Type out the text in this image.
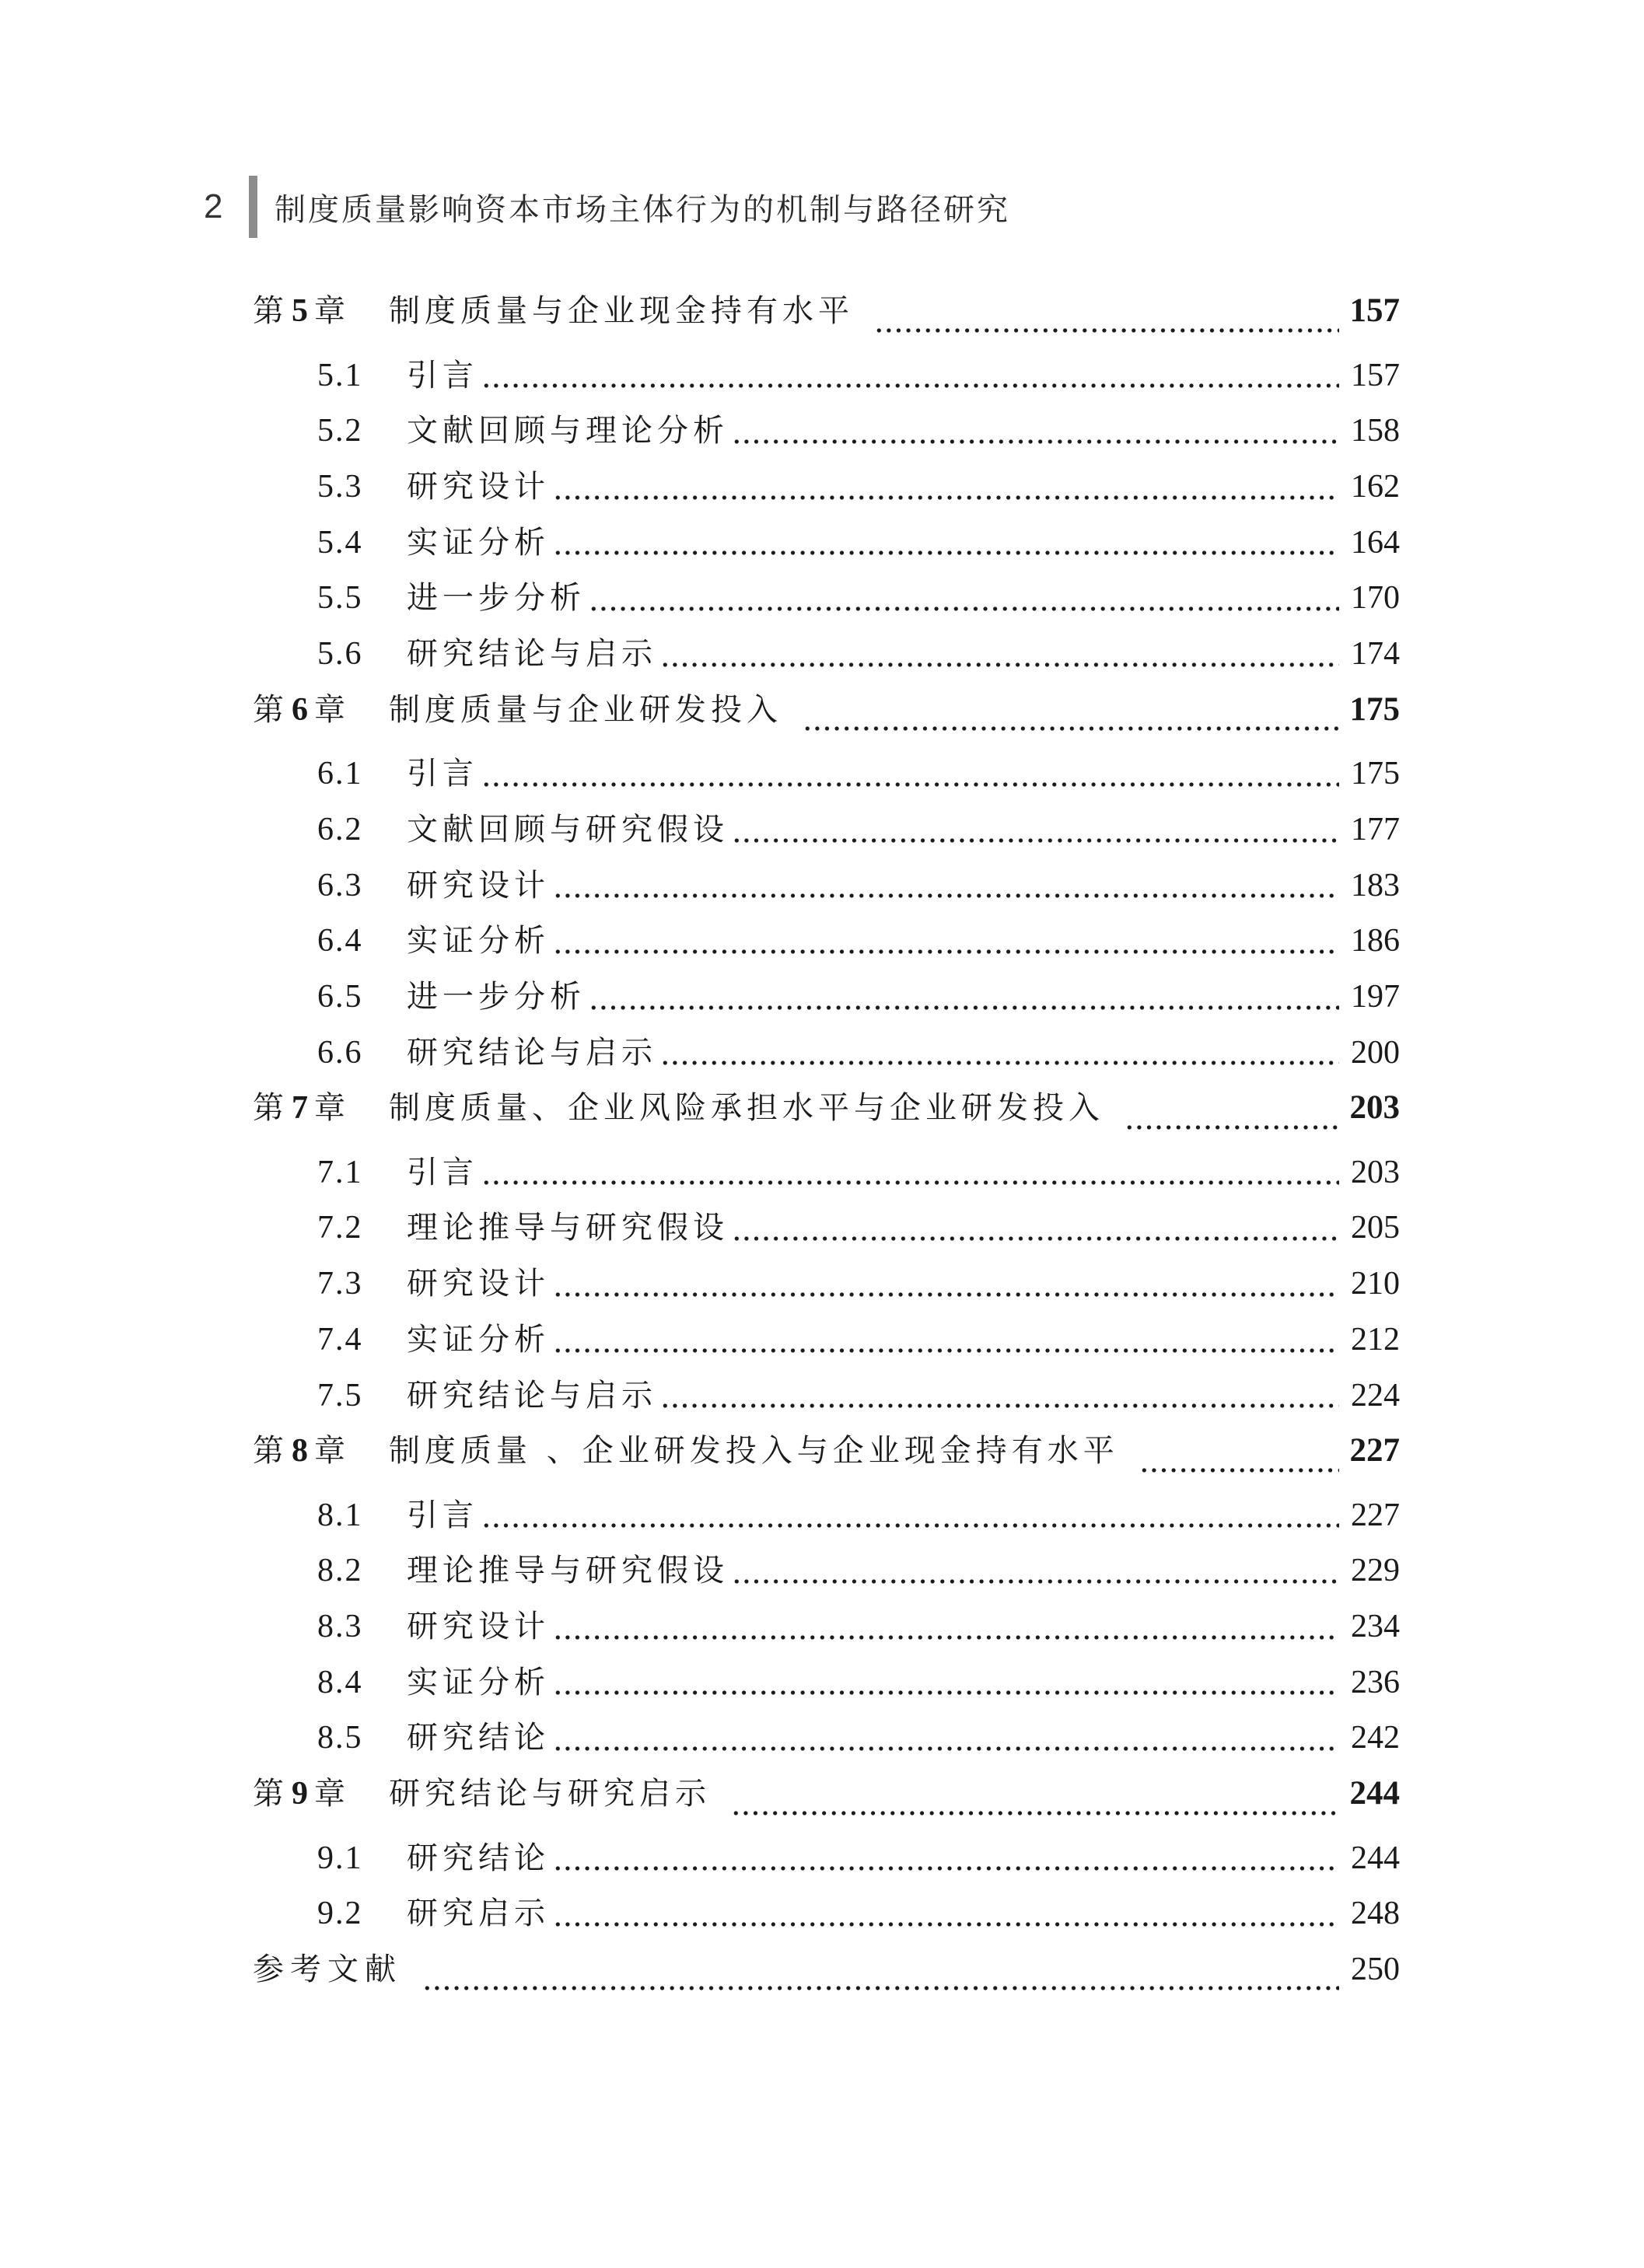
2	制度质量影响资本市场主体行为的机制与路径研究
第5 章	制度质量与企业现金持有水平	157
5.1	引言	157
5.2	文献回顾与理论分析	158
5.3	研究设计	162
5.4	实证分析	164
5.5	进一步分析	170
5.6	研究结论与启示	174
第6 章	制度质量与企业研发投入	175
6.1	引言	175
6.2	文献回顾与研究假设	177
6.3	研究设计	183
6.4	实证分析	186
6.5	进一步分析	197
6.6	研究结论与启示	200
第7 章	制度质量、企业风险承担水平与企业研发投入	203
7.1	引言	203
7.2	理论推导与研究假设	205
7.3	研究设计	210
7.4	实证分析	212
7.5	研究结论与启示	224
第8 章	制度质量 、企业研发投入与企业现金持有水平	227
8.1	引言	227
8.2	理论推导与研究假设	229
8.3	研究设计	234
8.4	实证分析	236
8.5	研究结论	242
第9 章	研究结论与研究启示	244
9.1	研究结论	244
9.2	研究启示	248
参考文献	250
